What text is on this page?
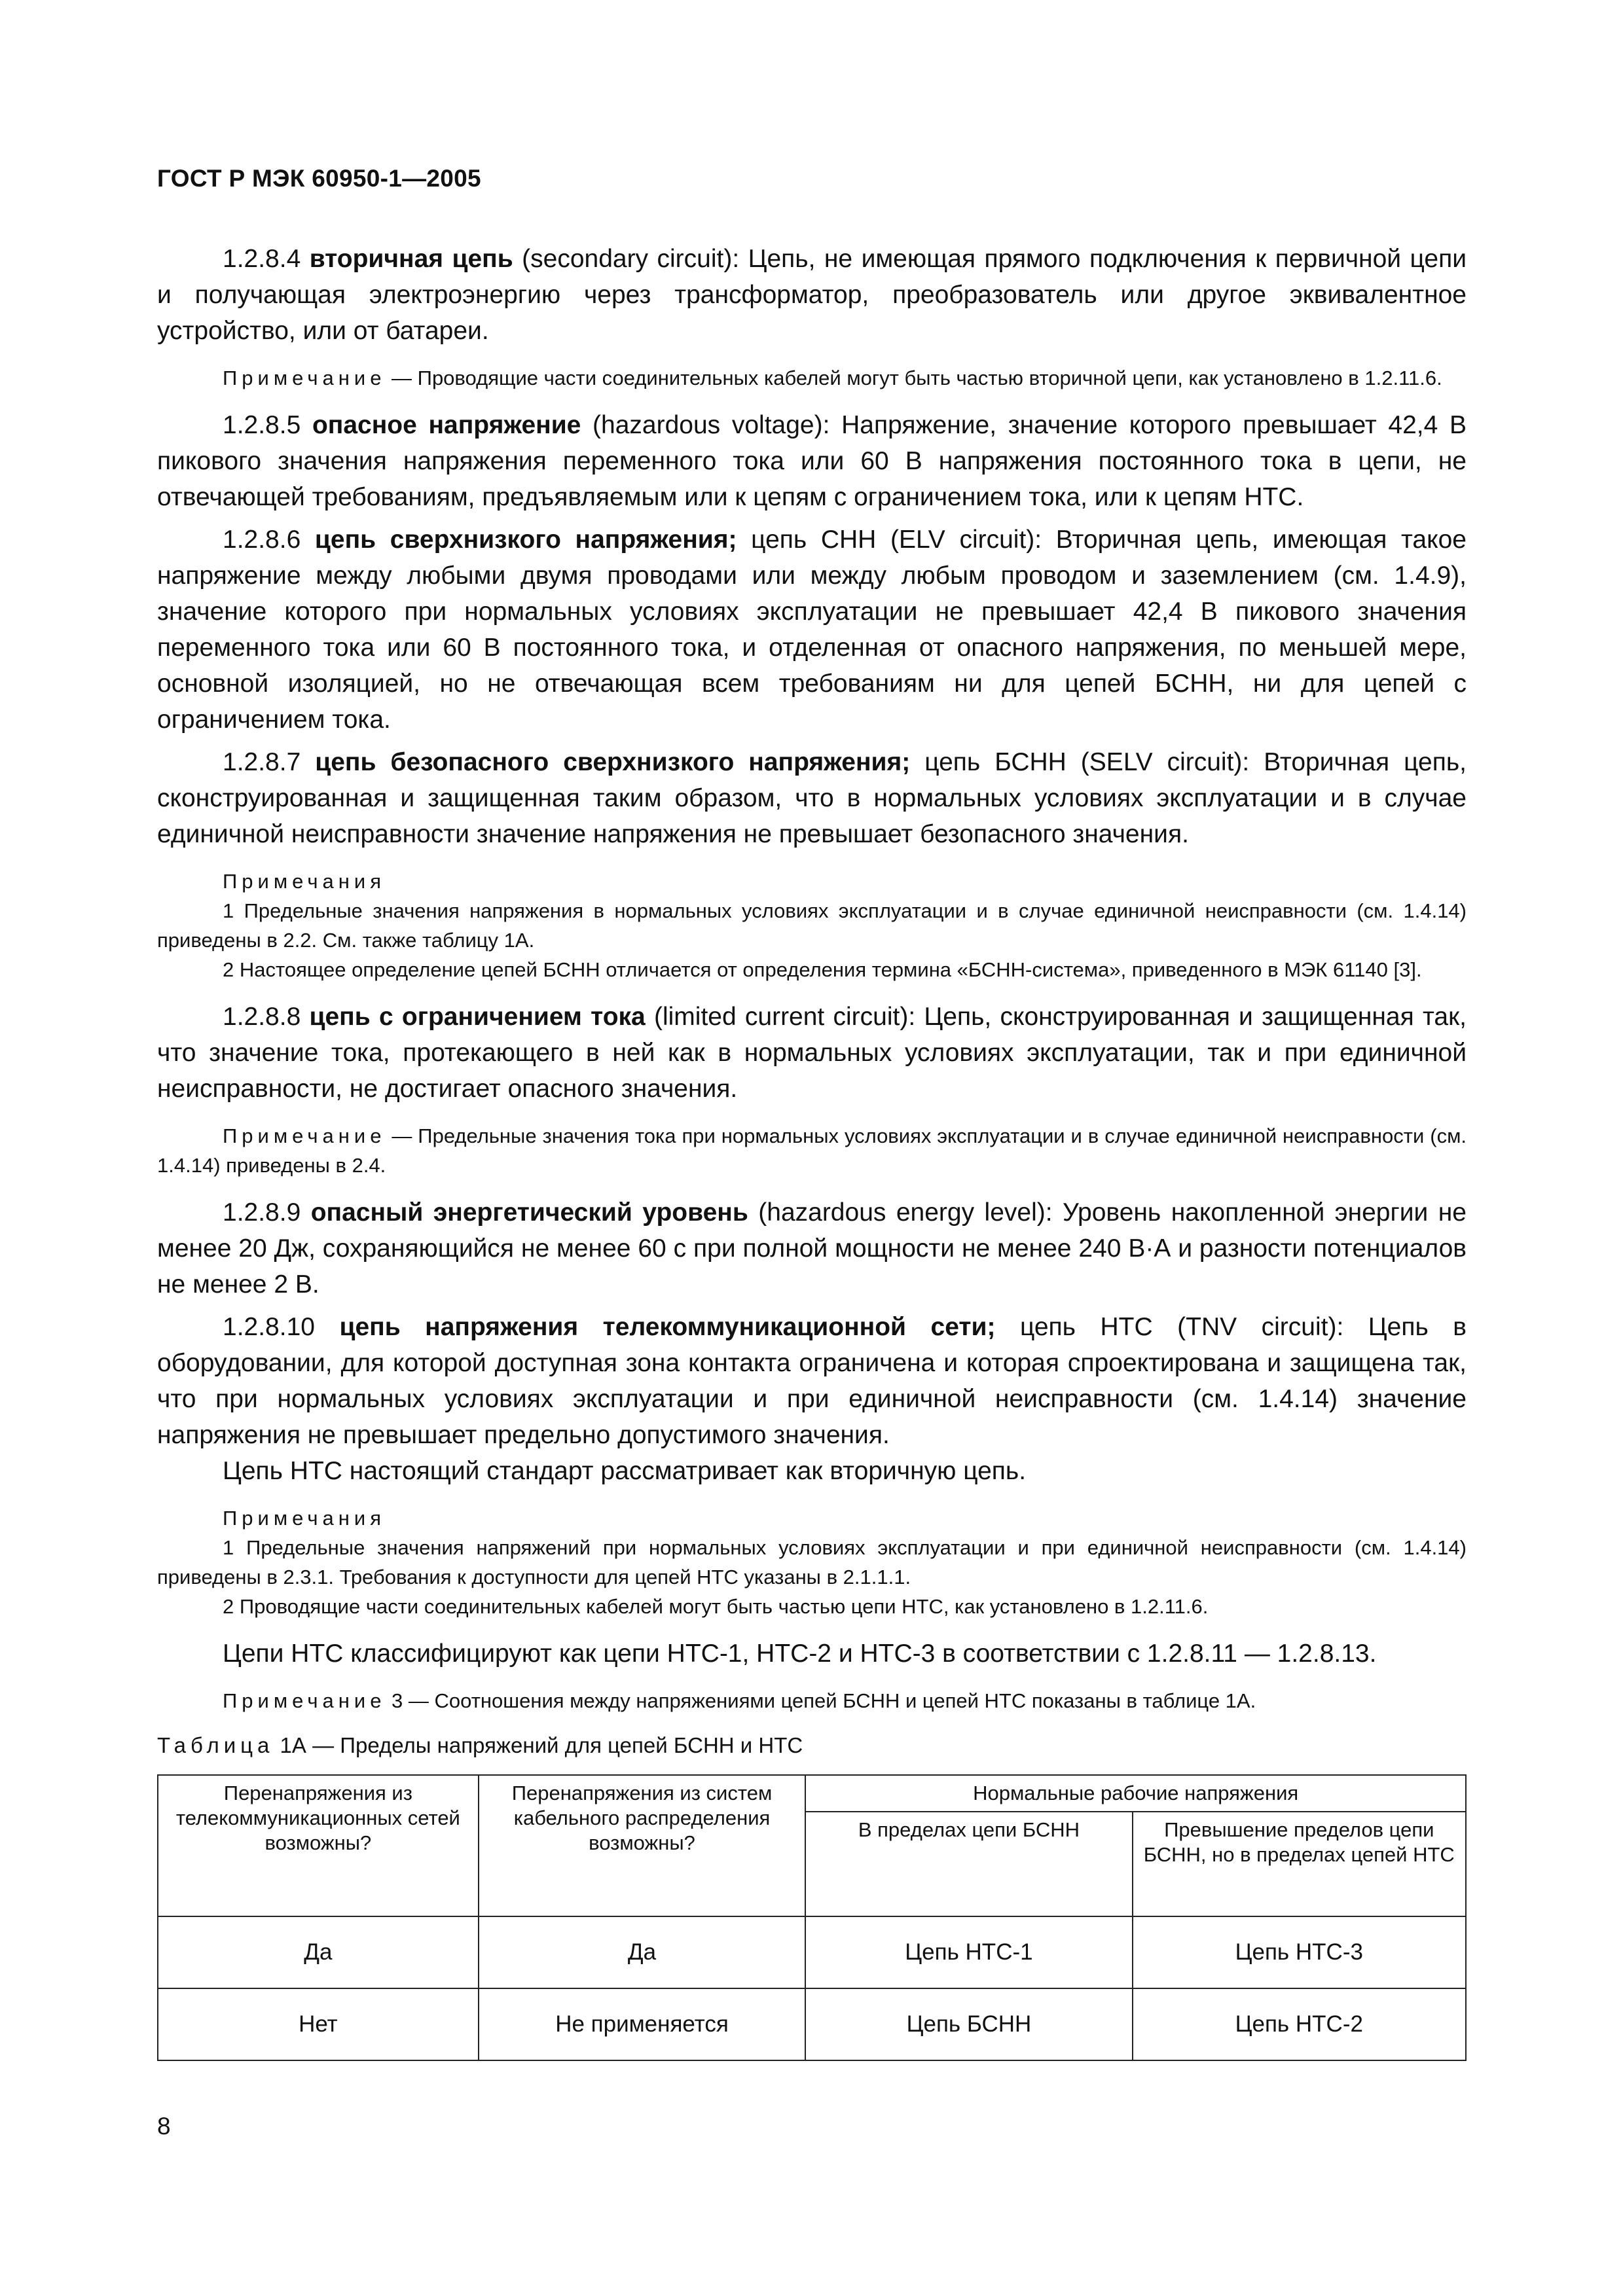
ГОСТ Р МЭК 60950-1—2005

1.2.8.4 вторичная цепь (secondary circuit): Цепь, не имеющая прямого подключения к первичной цепи и получающая электроэнергию через трансформатор, преобразователь или другое эквивалентное устройство, или от батареи.

Примечание — Проводящие части соединительных кабелей могут быть частью вторичной цепи, как установлено в 1.2.11.6.

1.2.8.5 опасное напряжение (hazardous voltage): Напряжение, значение которого превышает 42,4 В пикового значения напряжения переменного тока или 60 В напряжения постоянного тока в цепи, не отвечающей требованиям, предъявляемым или к цепям с ограничением тока, или к цепям НТС.

1.2.8.6 цепь сверхнизкого напряжения; цепь СНН (ELV circuit): Вторичная цепь, имеющая такое напряжение между любыми двумя проводами или между любым проводом и заземлением (см. 1.4.9), значение которого при нормальных условиях эксплуатации не превышает 42,4 В пикового значения переменного тока или 60 В постоянного тока, и отделенная от опасного напряжения, по меньшей мере, основной изоляцией, но не отвечающая всем требованиям ни для цепей БСНН, ни для цепей с ограничением тока.

1.2.8.7 цепь безопасного сверхнизкого напряжения; цепь БСНН (SELV circuit): Вторичная цепь, сконструированная и защищенная таким образом, что в нормальных условиях эксплуатации и в случае единичной неисправности значение напряжения не превышает безопасного значения.

Примечания

1 Предельные значения напряжения в нормальных условиях эксплуатации и в случае единичной неисправности (см. 1.4.14) приведены в 2.2. См. также таблицу 1А.

2 Настоящее определение цепей БСНН отличается от определения термина «БСНН-система», приведенного в МЭК 61140 [3].

1.2.8.8 цепь с ограничением тока (limited current circuit): Цепь, сконструированная и защищенная так, что значение тока, протекающего в ней как в нормальных условиях эксплуатации, так и при единичной неисправности, не достигает опасного значения.

Примечание — Предельные значения тока при нормальных условиях эксплуатации и в случае единичной неисправности (см. 1.4.14) приведены в 2.4.

1.2.8.9 опасный энергетический уровень (hazardous energy level): Уровень накопленной энергии не менее 20 Дж, сохраняющийся не менее 60 с при полной мощности не менее 240 В·А и разности потенциалов не менее 2 В.

1.2.8.10 цепь напряжения телекоммуникационной сети; цепь НТС (TNV circuit): Цепь в оборудовании, для которой доступная зона контакта ограничена и которая спроектирована и защищена так, что при нормальных условиях эксплуатации и при единичной неисправности (см. 1.4.14) значение напряжения не превышает предельно допустимого значения.

Цепь НТС настоящий стандарт рассматривает как вторичную цепь.

Примечания

1 Предельные значения напряжений при нормальных условиях эксплуатации и при единичной неисправности (см. 1.4.14) приведены в 2.3.1. Требования к доступности для цепей НТС указаны в 2.1.1.1.

2 Проводящие части соединительных кабелей могут быть частью цепи НТС, как установлено в 1.2.11.6.

Цепи НТС классифицируют как цепи НТС-1, НТС-2 и НТС-3 в соответствии с 1.2.8.11 — 1.2.8.13.

Примечание 3 — Соотношения между напряжениями цепей БСНН и цепей НТС показаны в таблице 1А.

Таблица 1А — Пределы напряжений для цепей БСНН и НТС

Перенапряжения из телекоммуникационных сетей возможны?	Перенапряжения из систем кабельного распределения возможны?	Нормальные рабочие напряжения	
		В пределах цепи БСНН	Превышение пределов цепи БСНН, но в пределах цепей НТС
Да	Да	Цепь НТС-1	Цепь НТС-3
Нет	Не применяется	Цепь БСНН	Цепь НТС-2
8
